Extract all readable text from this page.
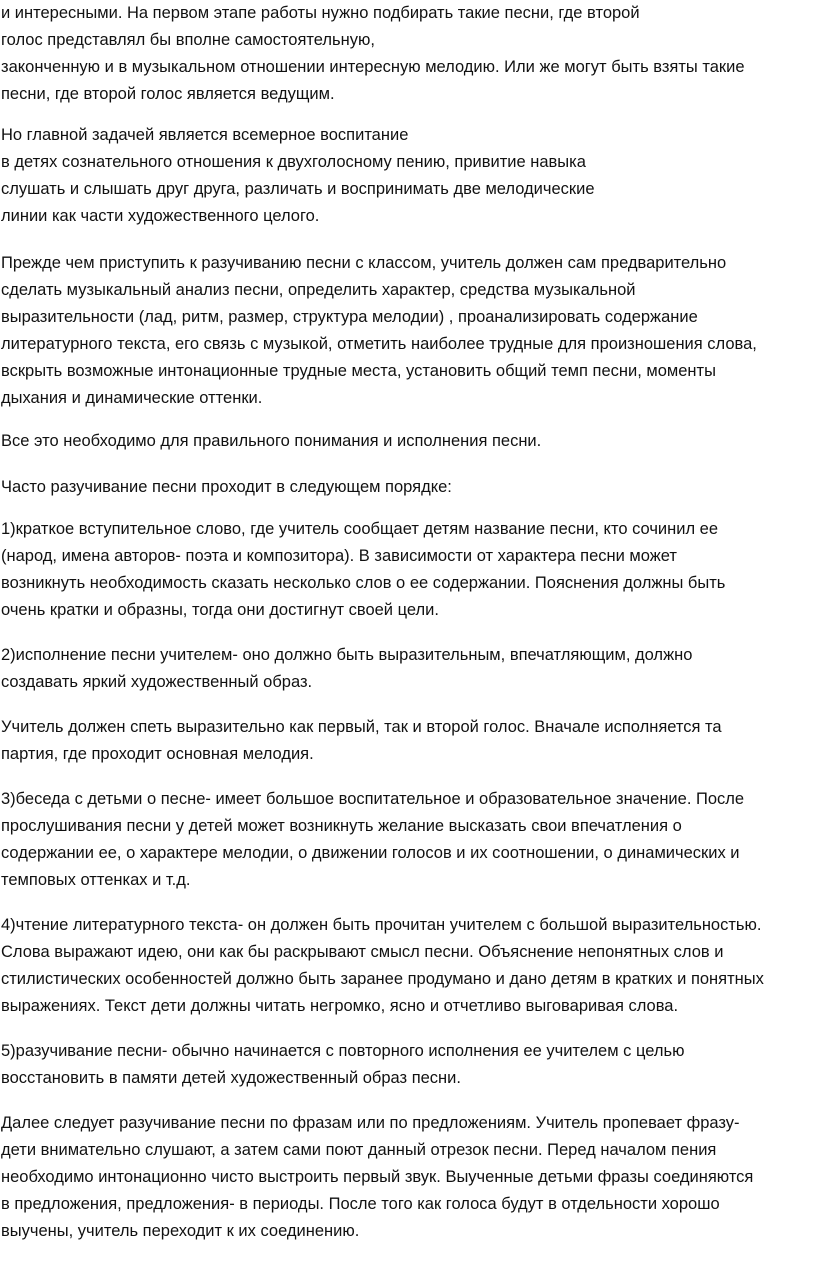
и интересными. На первом этапе работы нужно подбирать такие песни, где второй
голос представлял бы вполне самостоятельную,
законченную и в музыкальном отношении интересную мелодию. Или же могут быть взяты такие
песни, где второй голос является ведущим.
Но главной задачей является всемерное воспитание
в детях сознательного отношения к двухголосному пению, привитие навыка
слушать и слышать друг друга, различать и воспринимать две мелодические
линии как части художественного целого.
Прежде чем приступить к разучиванию песни с классом, учитель должен сам предварительно
сделать музыкальный анализ песни, определить характер, средства музыкальной
выразительности (лад, ритм, размер, структура мелодии) , проанализировать содержание
литературного текста, его связь с музыкой, отметить наиболее трудные для произношения слова,
вскрыть возможные интонационные трудные места, установить общий темп песни, моменты
дыхания и динамические оттенки.
Все это необходимо для правильного понимания и исполнения песни.
Часто разучивание песни проходит в следующем порядке:
1)краткое вступительное слово, где учитель сообщает детям название песни, кто сочинил ее
(народ, имена авторов- поэта и композитора). В зависимости от характера песни может
возникнуть необходимость сказать несколько слов о ее содержании. Пояснения должны быть
очень кратки и образны, тогда они достигнут своей цели.
2)исполнение песни учителем- оно должно быть выразительным, впечатляющим, должно
создавать яркий художественный образ.
Учитель должен спеть выразительно как первый, так и второй голос. Вначале исполняется та
партия, где проходит основная мелодия.
3)беседа с детьми о песне- имеет большое воспитательное и образовательное значение. После
прослушивания песни у детей может возникнуть желание высказать свои впечатления о
содержании ее, о характере мелодии, о движении голосов и их соотношении, о динамических и
темповых оттенках и т.д.
4)чтение литературного текста- он должен быть прочитан учителем с большой выразительностью.
Слова выражают идею, они как бы раскрывают смысл песни. Объяснение непонятных слов и
стилистических особенностей должно быть заранее продумано и дано детям в кратких и понятных
выражениях. Текст дети должны читать негромко, ясно и отчетливо выговаривая слова.
5)разучивание песни- обычно начинается с повторного исполнения ее учителем с целью
восстановить в памяти детей художественный образ песни.
Далее следует разучивание песни по фразам или по предложениям. Учитель пропевает фразу-
дети внимательно слушают, а затем сами поют данный отрезок песни. Перед началом пения
необходимо интонационно чисто выстроить первый звук. Выученные детьми фразы соединяются
в предложения, предложения- в периоды. После того как голоса будут в отдельности хорошо
выучены, учитель переходит к их соединению.
